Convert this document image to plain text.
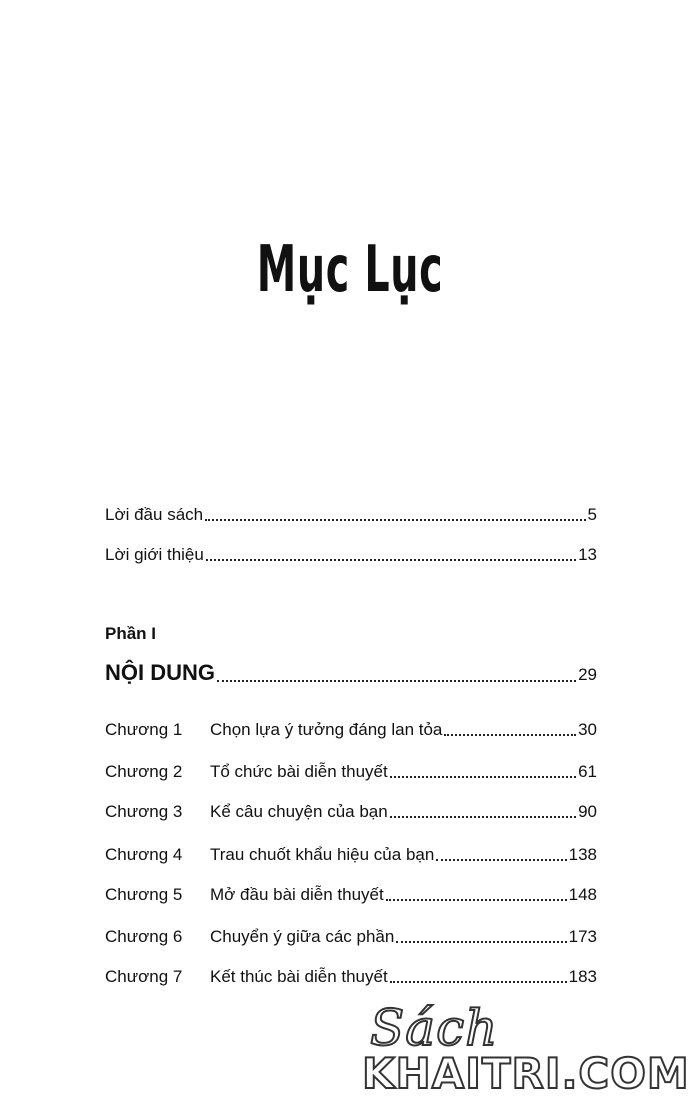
Mục Lục
Lời đầu sách	5
Lời giới thiệu	13
Phần I
NỘI DUNG	29
Chương 1	Chọn lựa ý tưởng đáng lan tỏa	30
Chương 2	Tổ chức bài diễn thuyết	61
Chương 3	Kể câu chuyện của bạn	90
Chương 4	Trau chuốt khẩu hiệu của bạn	138
Chương 5	Mở đầu bài diễn thuyết	148
Chương 6	Chuyển ý giữa các phần	173
Chương 7	Kết thúc bài diễn thuyết	183
Sách
KHAITRI.COM
